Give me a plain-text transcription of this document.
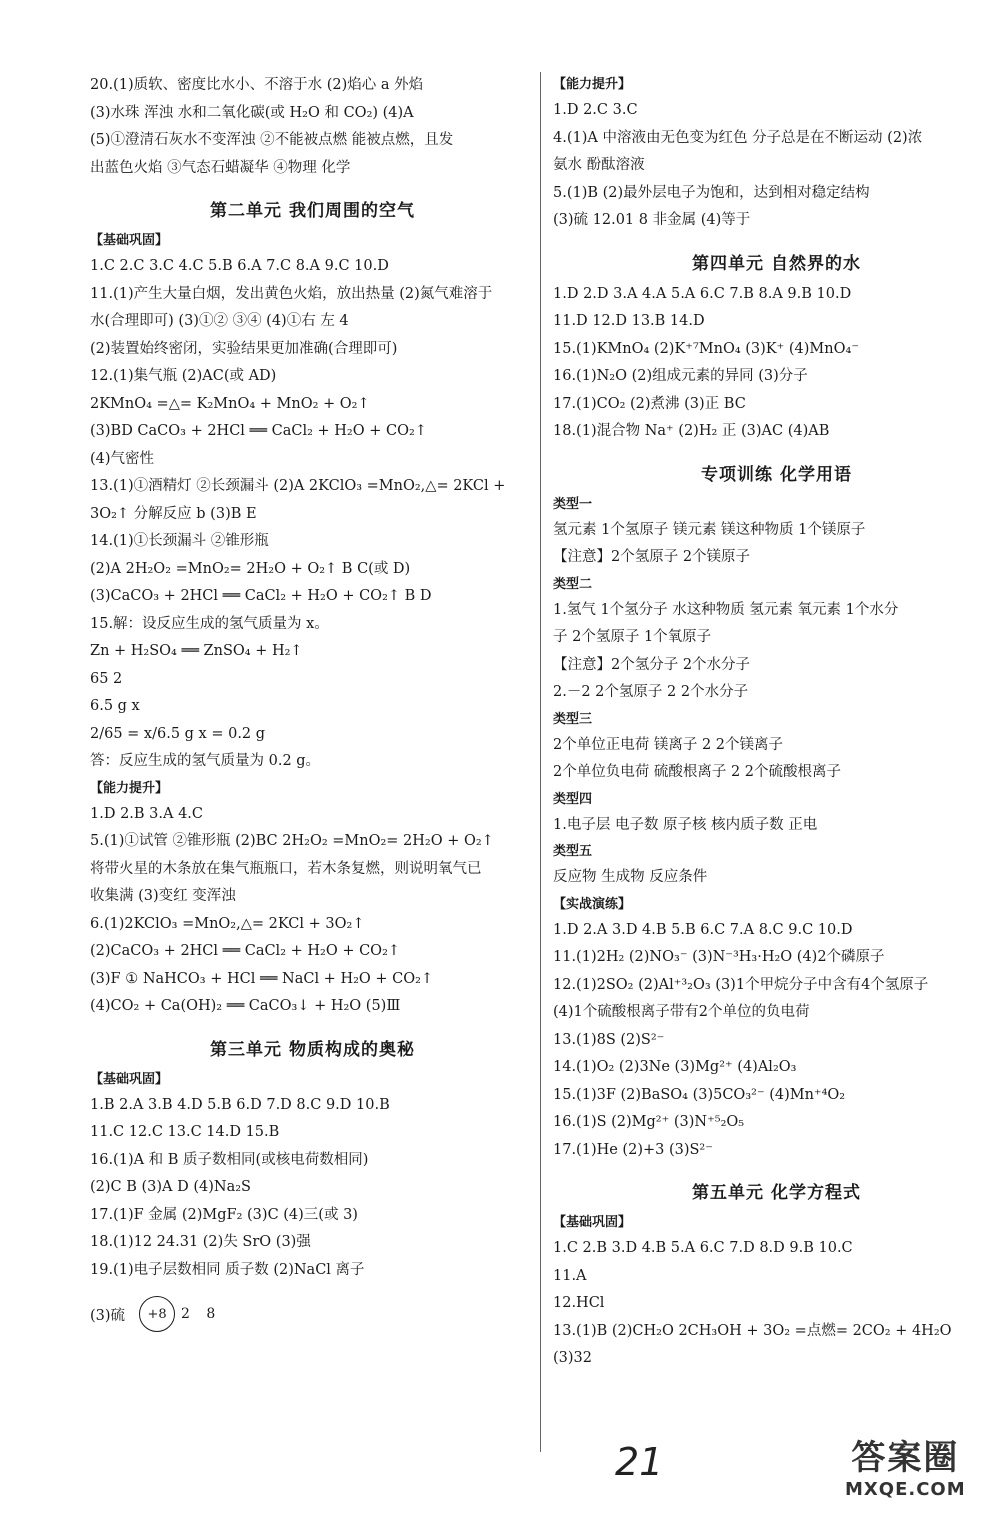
20.(1)质软、密度比水小、不溶于水 (2)焰心 a 外焰
(3)水珠 浑浊 水和二氧化碳(或 H₂O 和 CO₂) (4)A
(5)①澄清石灰水不变浑浊 ②不能被点燃 能被点燃，且发
出蓝色火焰 ③气态石蜡凝华 ④物理 化学
第二单元 我们周围的空气
【基础巩固】
1.C 2.C 3.C 4.C 5.B 6.A 7.C 8.A 9.C 10.D
11.(1)产生大量白烟，发出黄色火焰，放出热量 (2)氮气难溶于
水(合理即可) (3)①② ③④ (4)①右 左 4
(2)装置始终密闭，实验结果更加准确(合理即可)
12.(1)集气瓶 (2)AC(或 AD)
2KMnO₄ =△= K₂MnO₄ + MnO₂ + O₂↑
(3)BD CaCO₃ + 2HCl ══ CaCl₂ + H₂O + CO₂↑
(4)气密性
13.(1)①酒精灯 ②长颈漏斗 (2)A 2KClO₃ =MnO₂,△= 2KCl +
3O₂↑ 分解反应 b (3)B E
14.(1)①长颈漏斗 ②锥形瓶
(2)A 2H₂O₂ =MnO₂= 2H₂O + O₂↑ B C(或 D)
(3)CaCO₃ + 2HCl ══ CaCl₂ + H₂O + CO₂↑ B D
15.解：设反应生成的氢气质量为 x。
Zn + H₂SO₄ ══ ZnSO₄ + H₂↑
65 2
6.5 g x
2/65 = x/6.5 g x = 0.2 g
答：反应生成的氢气质量为 0.2 g。
【能力提升】
1.D 2.B 3.A 4.C
5.(1)①试管 ②锥形瓶 (2)BC 2H₂O₂ =MnO₂= 2H₂O + O₂↑
将带火星的木条放在集气瓶瓶口，若木条复燃，则说明氧气已
收集满 (3)变红 变浑浊
6.(1)2KClO₃ =MnO₂,△= 2KCl + 3O₂↑
(2)CaCO₃ + 2HCl ══ CaCl₂ + H₂O + CO₂↑
(3)F ① NaHCO₃ + HCl ══ NaCl + H₂O + CO₂↑
(4)CO₂ + Ca(OH)₂ ══ CaCO₃↓ + H₂O (5)Ⅲ
第三单元 物质构成的奥秘
【基础巩固】
1.B 2.A 3.B 4.D 5.B 6.D 7.D 8.C 9.D 10.B
11.C 12.C 13.C 14.D 15.B
16.(1)A 和 B 质子数相同(或核电荷数相同)
(2)C B (3)A D (4)Na₂S
17.(1)F 金属 (2)MgF₂ (3)C (4)三(或 3)
18.(1)12 24.31 (2)失 SrO (3)强
19.(1)电子层数相同 质子数 (2)NaCl 离子
(3)硫	+8	2 8
【能力提升】
1.D 2.C 3.C
4.(1)A 中溶液由无色变为红色 分子总是在不断运动 (2)浓
氨水 酚酞溶液
5.(1)B (2)最外层电子为饱和，达到相对稳定结构
(3)硫 12.01 8 非金属 (4)等于
第四单元 自然界的水
1.D 2.D 3.A 4.A 5.A 6.C 7.B 8.A 9.B 10.D
11.D 12.D 13.B 14.D
15.(1)KMnO₄ (2)K⁺⁷MnO₄ (3)K⁺ (4)MnO₄⁻
16.(1)N₂O (2)组成元素的异同 (3)分子
17.(1)CO₂ (2)煮沸 (3)正 BC
18.(1)混合物 Na⁺ (2)H₂ 正 (3)AC (4)AB
专项训练 化学用语
类型一
氢元素 1个氢原子 镁元素 镁这种物质 1个镁原子
【注意】2个氢原子 2个镁原子
类型二
1.氢气 1个氢分子 水这种物质 氢元素 氧元素 1个水分
子 2个氢原子 1个氧原子
【注意】2个氢分子 2个水分子
2.－2 2个氢原子 2 2个水分子
类型三
2个单位正电荷 镁离子 2 2个镁离子
2个单位负电荷 硫酸根离子 2 2个硫酸根离子
类型四
1.电子层 电子数 原子核 核内质子数 正电
类型五
反应物 生成物 反应条件
【实战演练】
1.D 2.A 3.D 4.B 5.B 6.C 7.A 8.C 9.C 10.D
11.(1)2H₂ (2)NO₃⁻ (3)N⁻³H₃·H₂O (4)2个磷原子
12.(1)2SO₂ (2)Al⁺³₂O₃ (3)1个甲烷分子中含有4个氢原子
(4)1个硫酸根离子带有2个单位的负电荷
13.(1)8S (2)S²⁻
14.(1)O₂ (2)3Ne (3)Mg²⁺ (4)Al₂O₃
15.(1)3F (2)BaSO₄ (3)5CO₃²⁻ (4)Mn⁺⁴O₂
16.(1)S (2)Mg²⁺ (3)N⁺⁵₂O₅
17.(1)He (2)+3 (3)S²⁻
第五单元 化学方程式
【基础巩固】
1.C 2.B 3.D 4.B 5.A 6.C 7.D 8.D 9.B 10.C
11.A
12.HCl
13.(1)B (2)CH₂O 2CH₃OH + 3O₂ =点燃= 2CO₂ + 4H₂O
(3)32
21	答案圈
MXQE.COM
